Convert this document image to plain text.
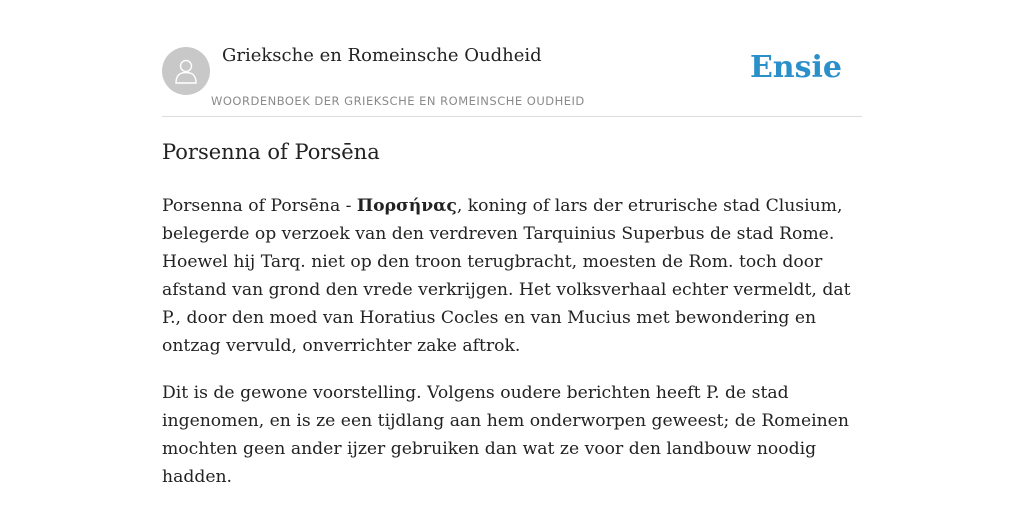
Grieksche en Romeinsche Oudheid
WOORDENBOEK DER GRIEKSCHE EN ROMEINSCHE OUDHEID
Ensie
Porsenna of Porsēna

Porsenna of Porsēna - Πορσήνας, koning of lars der etrurische stad Clusium, belegerde op verzoek van den verdreven Tarquinius Superbus de stad Rome. Hoewel hij Tarq. niet op den troon terugbracht, moesten de Rom. toch door afstand van grond den vrede verkrijgen. Het volksverhaal echter vermeldt, dat P., door den moed van Horatius Cocles en van Mucius met bewondering en ontzag vervuld, onverrichter zake aftrok.

Dit is de gewone voorstelling. Volgens oudere berichten heeft P. de stad ingenomen, en is ze een tijdlang aan hem onderworpen geweest; de Romeinen mochten geen ander ijzer gebruiken dan wat ze voor den landbouw noodig hadden.
